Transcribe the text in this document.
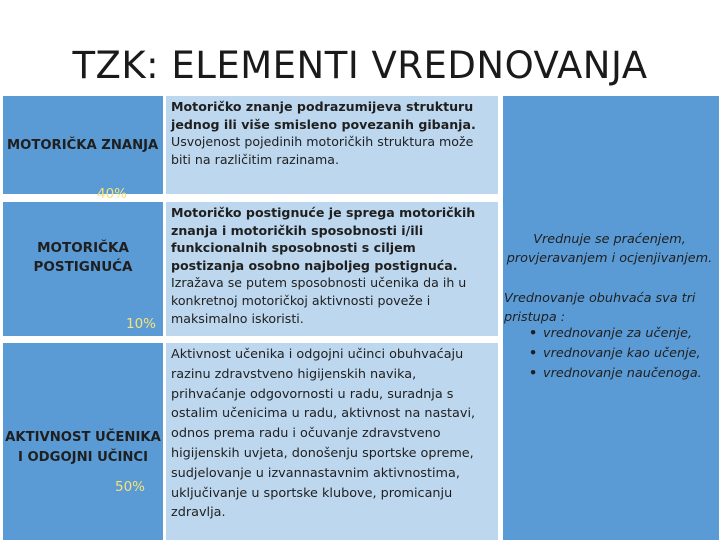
TZK: ELEMENTI VREDNOVANJA
MOTORIČKA ZNANJA
Motoričko znanje podrazumijeva strukturu jednog ili više smisleno povezanih gibanja. Usvojenost pojedinih motoričkih struktura može biti na različitim razinama.
40%
MOTORIČKA POSTIGNUĆA
Motoričko postignuće je sprega motoričkih znanja i motoričkih sposobnosti i/ili funkcionalnih sposobnosti s ciljem postizanja osobno najboljeg postignuća. Izražava se putem sposobnosti učenika da ih u konkretnoj motoričkoj aktivnosti poveže i maksimalno iskoristi.
10%
AKTIVNOST UČENIKA I ODGOJNI UČINCI
Aktivnost učenika i odgojni učinci obuhvaćaju razinu zdravstveno higijenskih navika, prihvaćanje odgovornosti u radu, suradnja s ostalim učenicima u radu, aktivnost na nastavi, odnos prema radu i očuvanje zdravstveno higijenskih uvjeta, donošenju sportske opreme, sudjelovanje u izvannastavnim aktivnostima, uključivanje u sportske klubove, promicanju zdravlja.
50%
Vrednuje se praćenjem, provjeravanjem i ocjenjivanjem.
Vrednovanje obuhvaća sva tri pristupa :
• vrednovanje za učenje,
• vrednovanje kao učenje,
• vrednovanje naučenoga.
